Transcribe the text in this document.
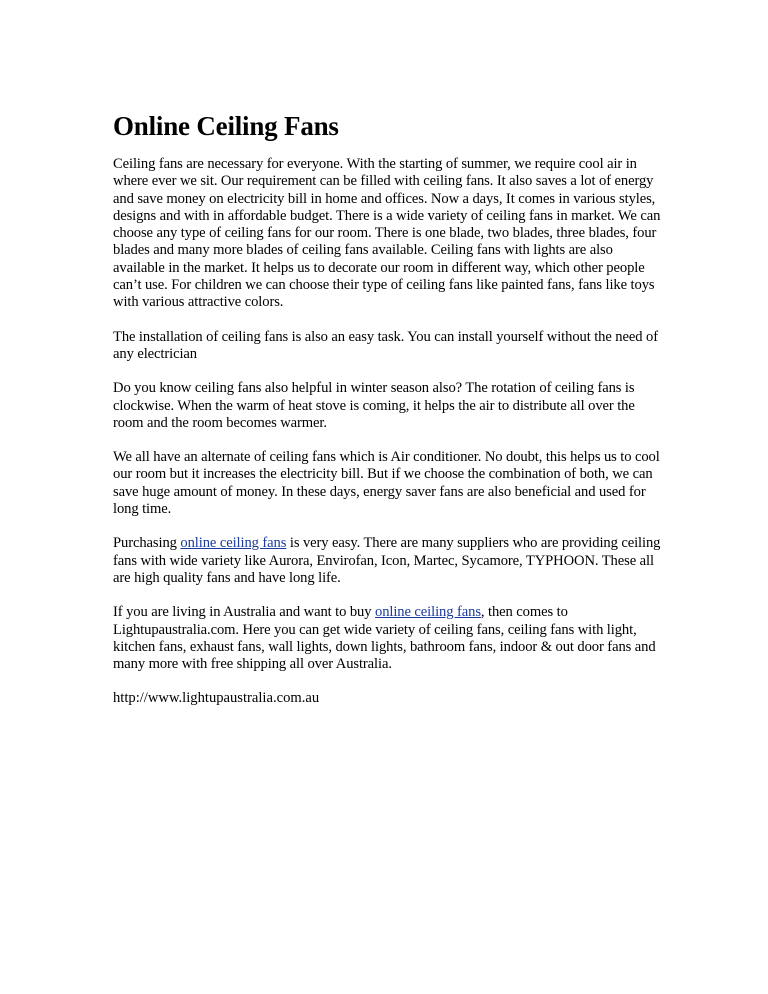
Online Ceiling Fans

Ceiling fans are necessary for everyone. With the starting of summer, we require cool air in where ever we sit. Our requirement can be filled with ceiling fans. It also saves a lot of energy and save money on electricity bill in home and offices. Now a days, It comes in various styles, designs and with in affordable budget. There is a wide variety of ceiling fans in market. We can choose any type of ceiling fans for our room. There is one blade, two blades, three blades, four blades and many more blades of ceiling fans available. Ceiling fans with lights are also available in the market. It helps us to decorate our room in different way, which other people can’t use. For children we can choose their type of ceiling fans like painted fans, fans like toys with various attractive colors.

The installation of ceiling fans is also an easy task. You can install yourself without the need of any electrician

Do you know ceiling fans also helpful in winter season also? The rotation of ceiling fans is clockwise. When the warm of heat stove is coming, it helps the air to distribute all over the room and the room becomes warmer.

We all have an alternate of ceiling fans which is Air conditioner. No doubt, this helps us to cool our room but it increases the electricity bill. But if we choose the combination of both, we can save huge amount of money. In these days, energy saver fans are also beneficial and used for long time.

Purchasing online ceiling fans is very easy. There are many suppliers who are providing ceiling fans with wide variety like Aurora, Envirofan, Icon, Martec, Sycamore, TYPHOON. These all are high quality fans and have long life.

If you are living in Australia and want to buy online ceiling fans, then comes to Lightupaustralia.com. Here you can get wide variety of ceiling fans, ceiling fans with light, kitchen fans, exhaust fans, wall lights, down lights, bathroom fans, indoor & out door fans and many more with free shipping all over Australia.

http://www.lightupaustralia.com.au
